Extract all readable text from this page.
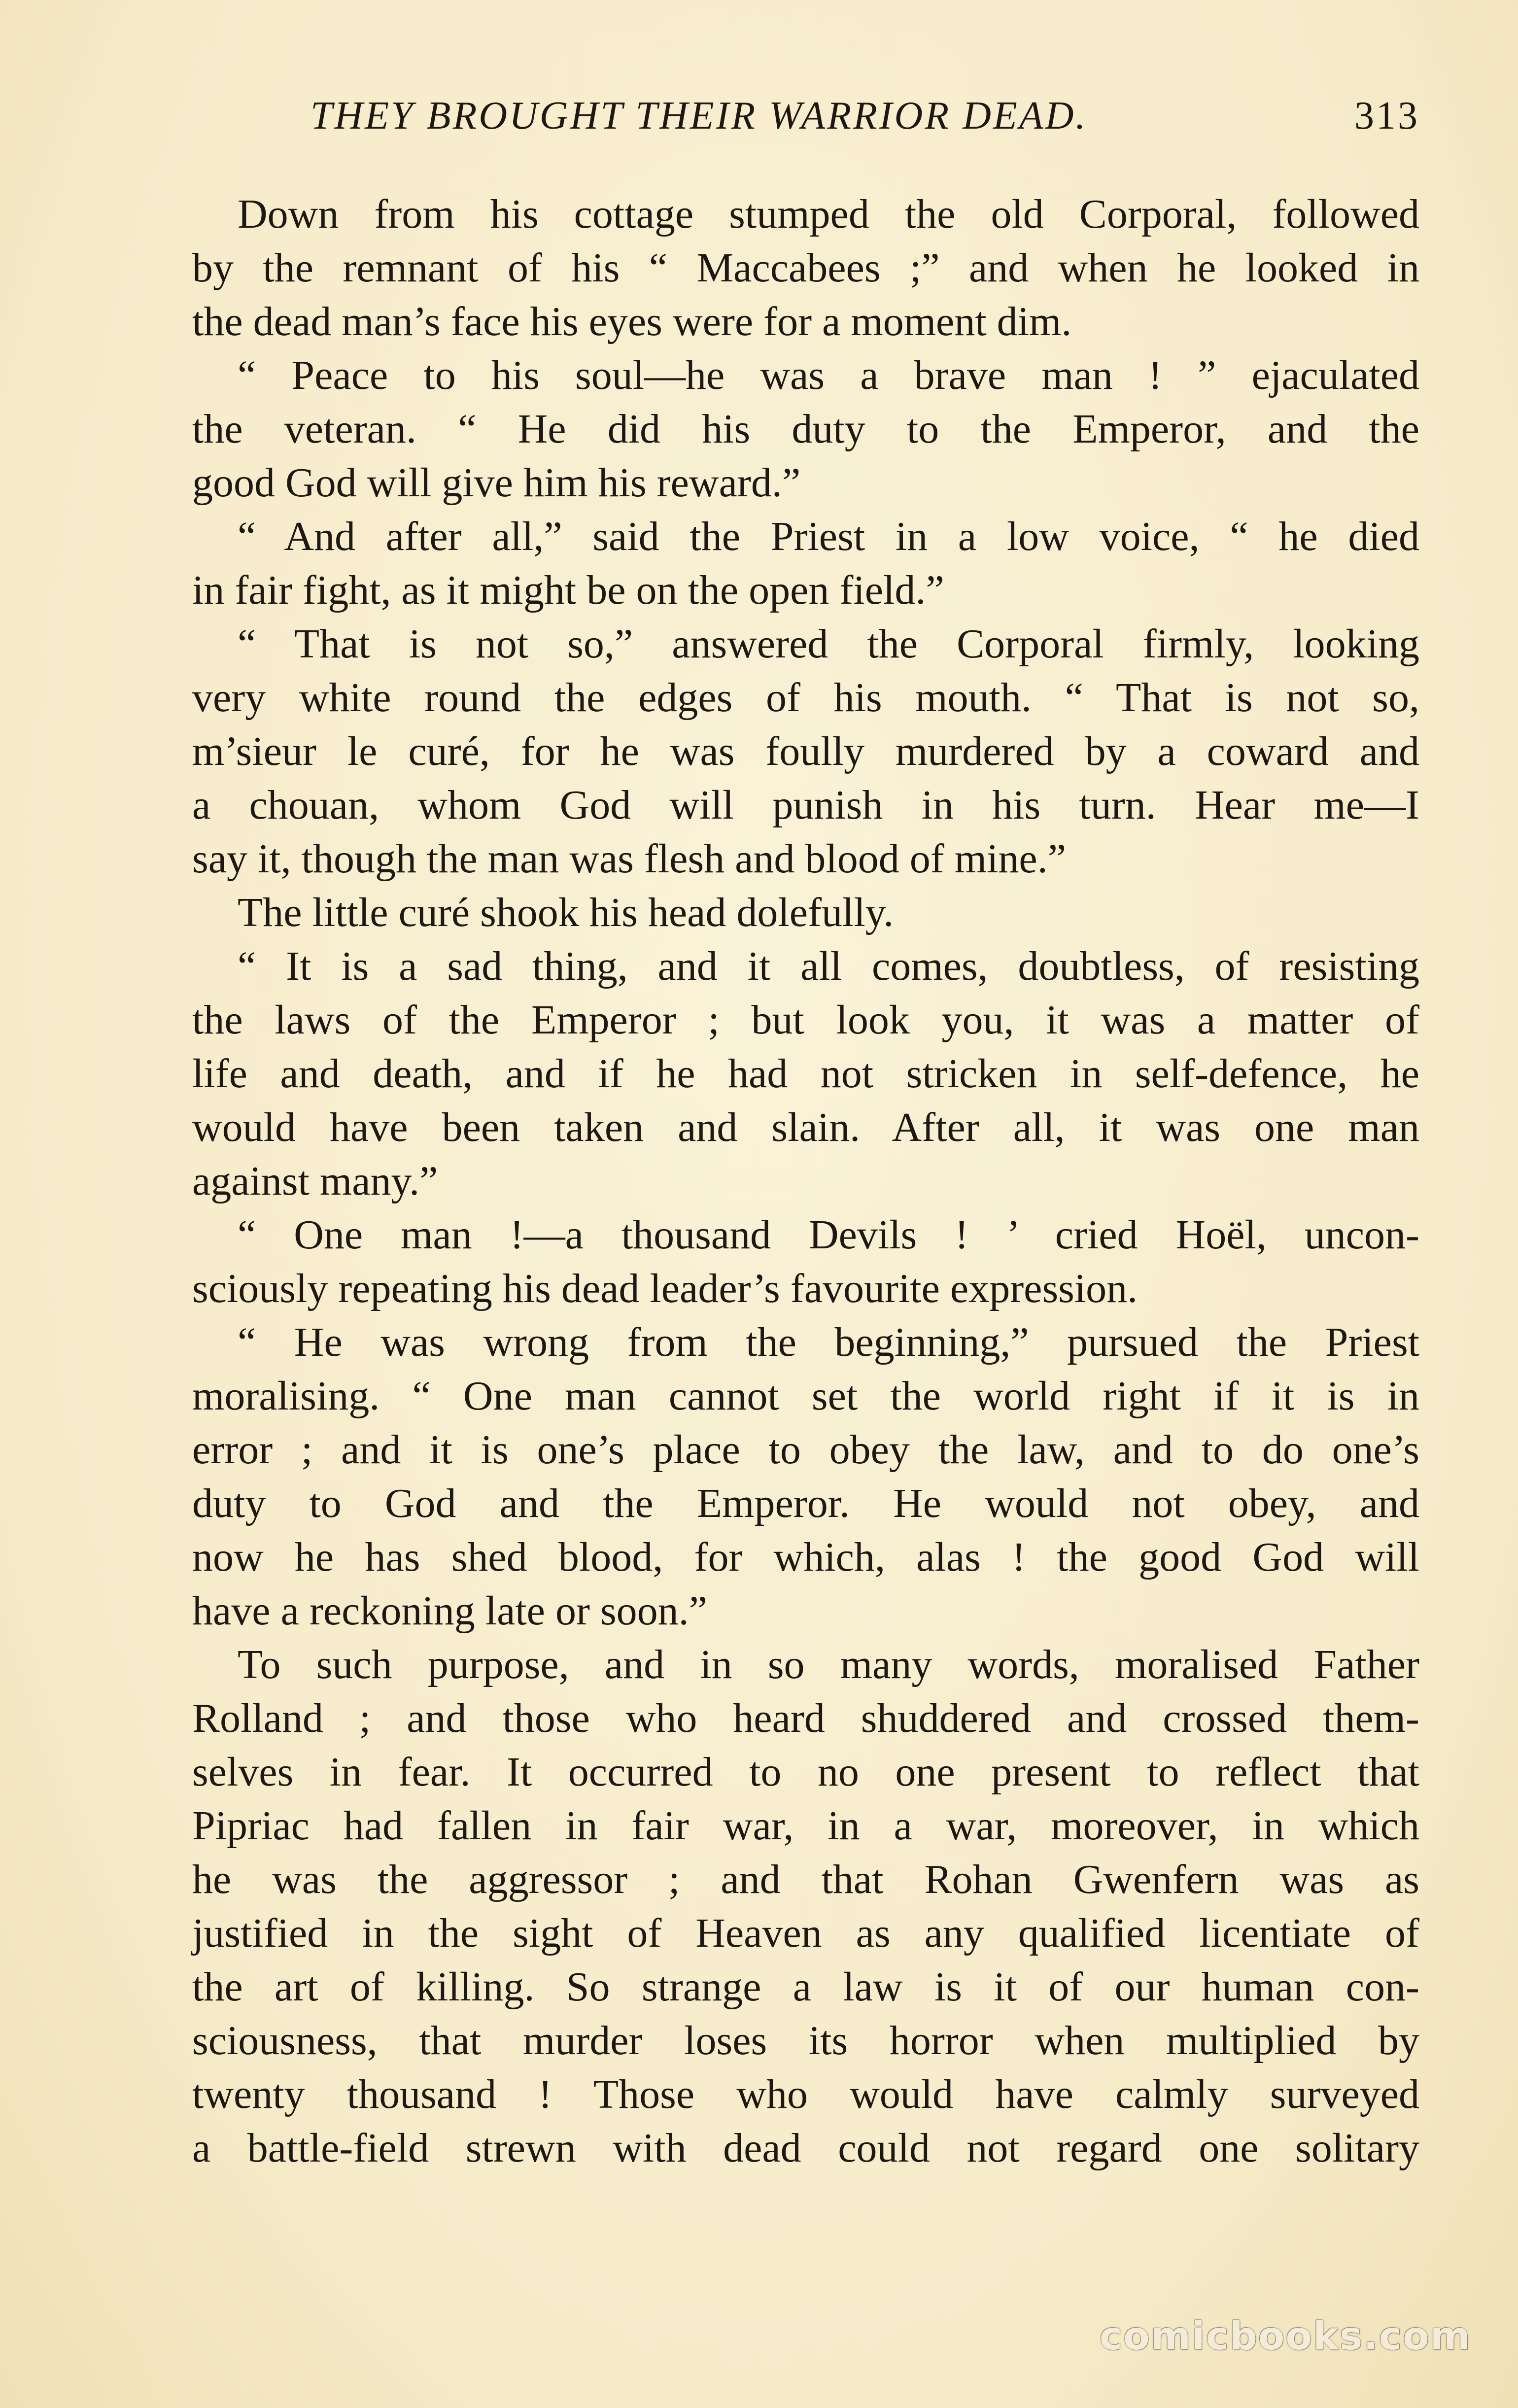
THEY BROUGHT THEIR WARRIOR DEAD.	313
Down from his cottage stumped the old Corporal, followed
by the remnant of his “ Maccabees ;” and when he looked in
the dead man’s face his eyes were for a moment dim.
“ Peace to his soul—he was a brave man ! ” ejaculated
the veteran. “ He did his duty to the Emperor, and the
good God will give him his reward.”
“ And after all,” said the Priest in a low voice, “ he died
in fair fight, as it might be on the open field.”
“ That is not so,” answered the Corporal firmly, looking
very white round the edges of his mouth. “ That is not so,
m’sieur le curé, for he was foully murdered by a coward and
a chouan, whom God will punish in his turn. Hear me—I
say it, though the man was flesh and blood of mine.”
The little curé shook his head dolefully.
“ It is a sad thing, and it all comes, doubtless, of resisting
the laws of the Emperor ; but look you, it was a matter of
life and death, and if he had not stricken in self-defence, he
would have been taken and slain. After all, it was one man
against many.”
“ One man !—a thousand Devils ! ’ cried Hoël, uncon-
sciously repeating his dead leader’s favourite expression.
“ He was wrong from the beginning,” pursued the Priest
moralising. “ One man cannot set the world right if it is in
error ; and it is one’s place to obey the law, and to do one’s
duty to God and the Emperor. He would not obey, and
now he has shed blood, for which, alas ! the good God will
have a reckoning late or soon.”
To such purpose, and in so many words, moralised Father
Rolland ; and those who heard shuddered and crossed them-
selves in fear. It occurred to no one present to reflect that
Pipriac had fallen in fair war, in a war, moreover, in which
he was the aggressor ; and that Rohan Gwenfern was as
justified in the sight of Heaven as any qualified licentiate of
the art of killing. So strange a law is it of our human con-
sciousness, that murder loses its horror when multiplied by
twenty thousand ! Those who would have calmly surveyed
a battle-field strewn with dead could not regard one solitary
comicbooks.com
